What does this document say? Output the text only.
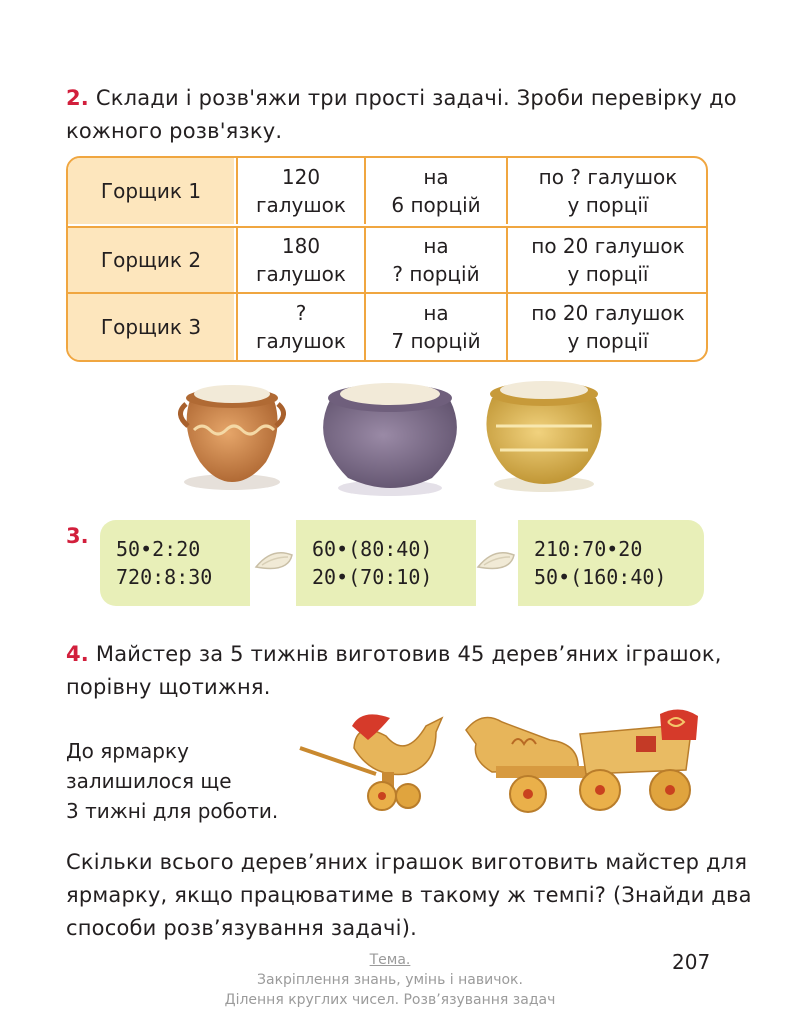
2. Склади і розв'яжи три прості задачі. Зроби перевірку до
кожного розв'язку.
Горщик 1
120
галушок
на
6 порцій
по ? галушок
у порції
Горщик 2
180
галушок
на
? порцій
по 20 галушок
у порції
Горщик 3
?
галушок
на
7 порцій
по 20 галушок
у порції
3.
50•2:20
720:8:30
60•(80:40)
20•(70:10)
210:70•20
50•(160:40)
4. Майстер за 5 тижнів виготовив 45 дерев’яних іграшок,
порівну щотижня.
До ярмарку
залишилося ще
3 тижні для роботи.
Скільки всього дерев’яних іграшок виготовить майстер для
ярмарку, якщо працюватиме в такому ж темпі? (Знайди два
способи розв’язування задачі).
Тема.
Закріплення знань, умінь і навичок.
Ділення круглих чисел. Розв’язування задач
207
